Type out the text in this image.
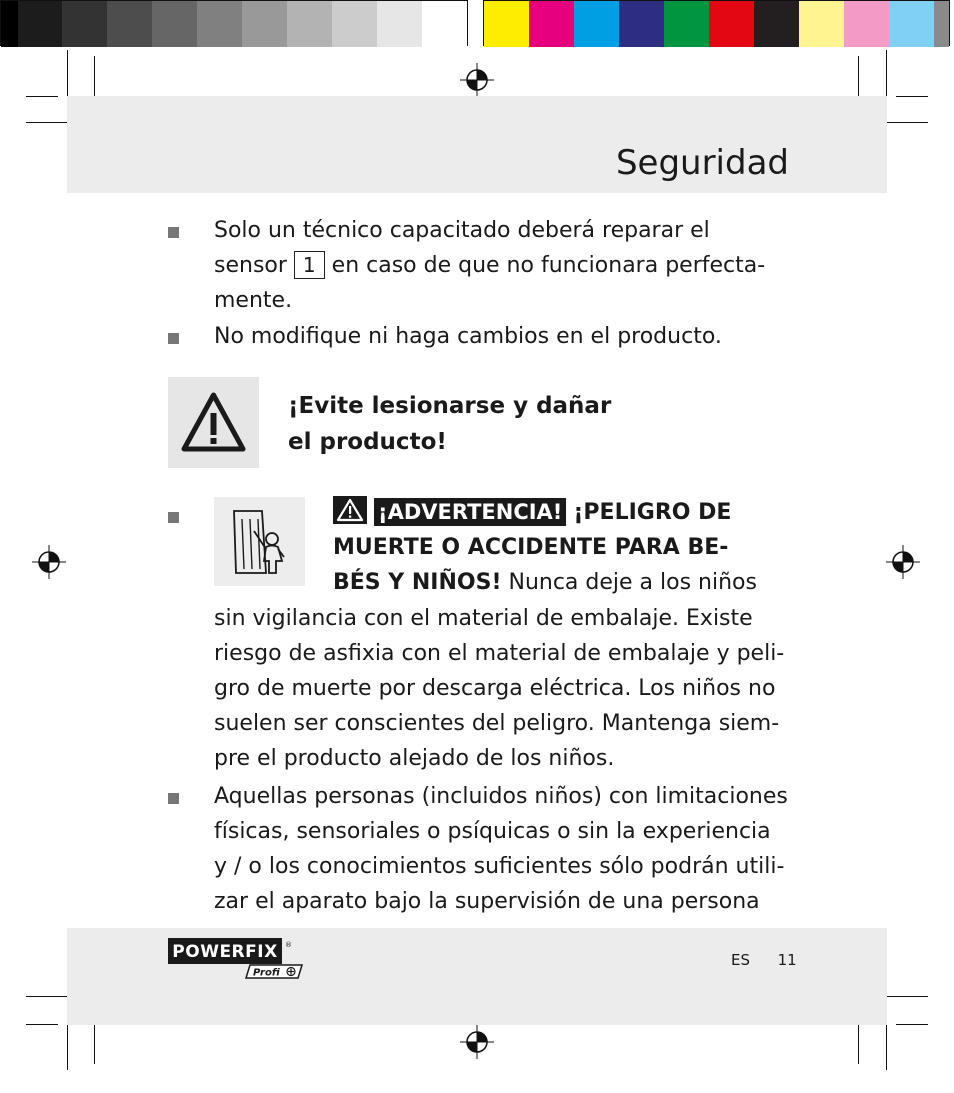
Seguridad
Solo un técnico capacitado deberá reparar el
sensor 1 en caso de que no funcionara perfecta-
mente.
No modifique ni haga cambios en el producto.
¡Evite lesionarse y dañar
el producto!
¡ADVERTENCIA! ¡PELIGRO DE
MUERTE O ACCIDENTE PARA BE-
BÉS Y NIÑOS! Nunca deje a los niños
sin vigilancia con el material de embalaje. Existe
riesgo de asfixia con el material de embalaje y peli-
gro de muerte por descarga eléctrica. Los niños no
suelen ser conscientes del peligro. Mantenga siem-
pre el producto alejado de los niños.
Aquellas personas (incluidos niños) con limitaciones
físicas, sensoriales o psíquicas o sin la experiencia
y / o los conocimientos suficientes sólo podrán utili-
zar el aparato bajo la supervisión de una persona
POWERFIX ®
Profi
ES 11
